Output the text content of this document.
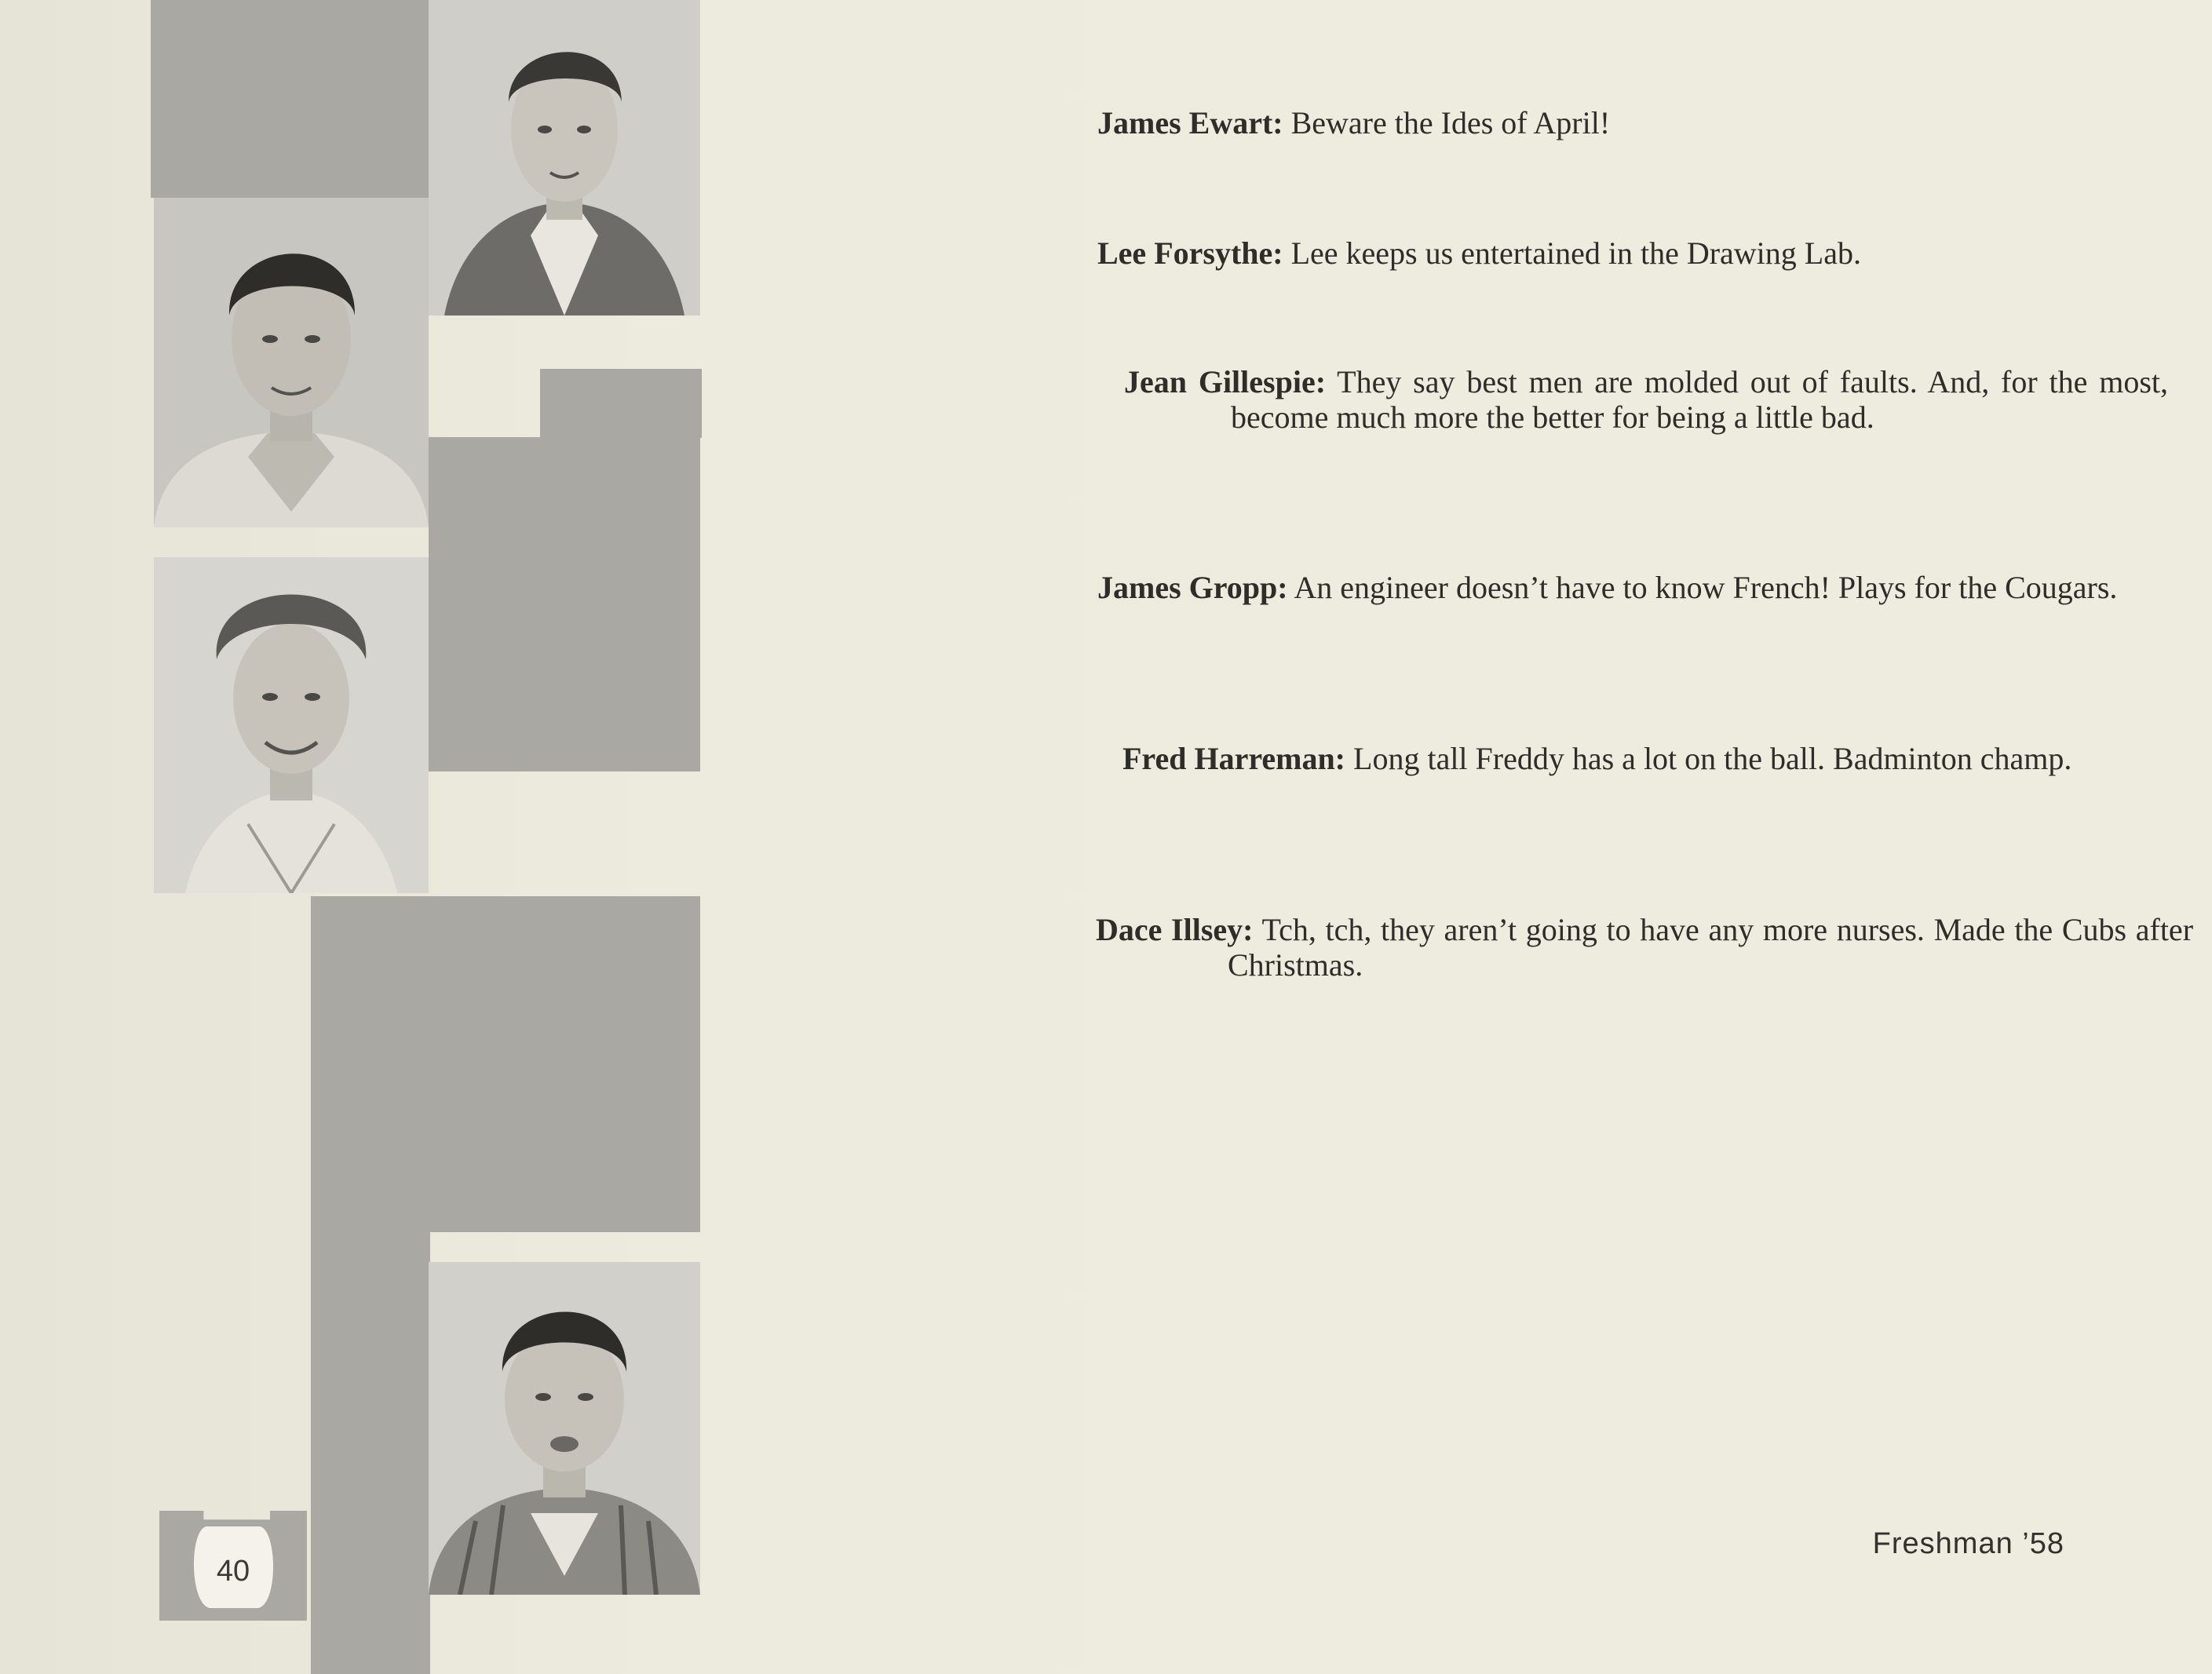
James Ewart: Beware the Ides of April!
Lee Forsythe: Lee keeps us entertained in the Drawing Lab.
Jean Gillespie: They say best men are molded out of faults. And, for the most, become much more the better for being a little bad.
James Gropp: An engineer doesn’t have to know French! Plays for the Cougars.
Fred Harreman: Long tall Freddy has a lot on the ball. Badminton champ.
Dace Illsey: Tch, tch, they aren’t going to have any more nurses. Made the Cubs after Christmas.
40
Freshman ’58
